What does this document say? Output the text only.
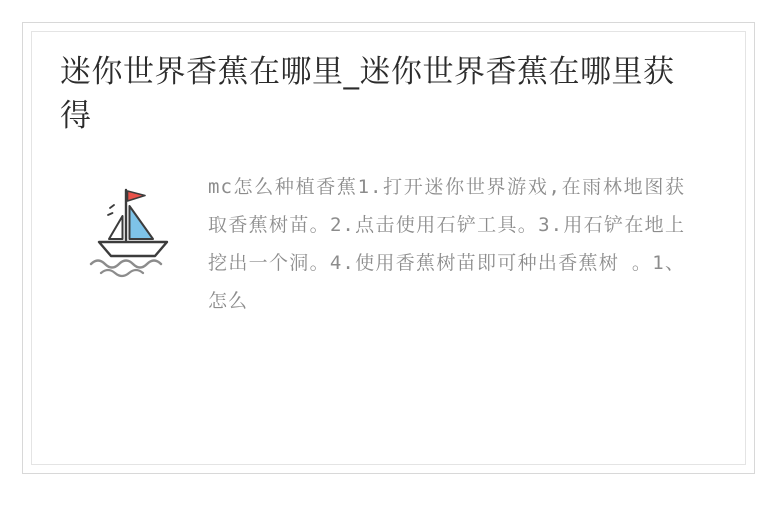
迷你世界香蕉在哪里_迷你世界香蕉在哪里获得
mc怎么种植香蕉1.打开迷你世界游戏,在雨林地图获取香蕉树苗。2.点击使用石铲工具。3.用石铲在地上挖出一个洞。4.使用香蕉树苗即可种出香蕉树 。1、怎么
